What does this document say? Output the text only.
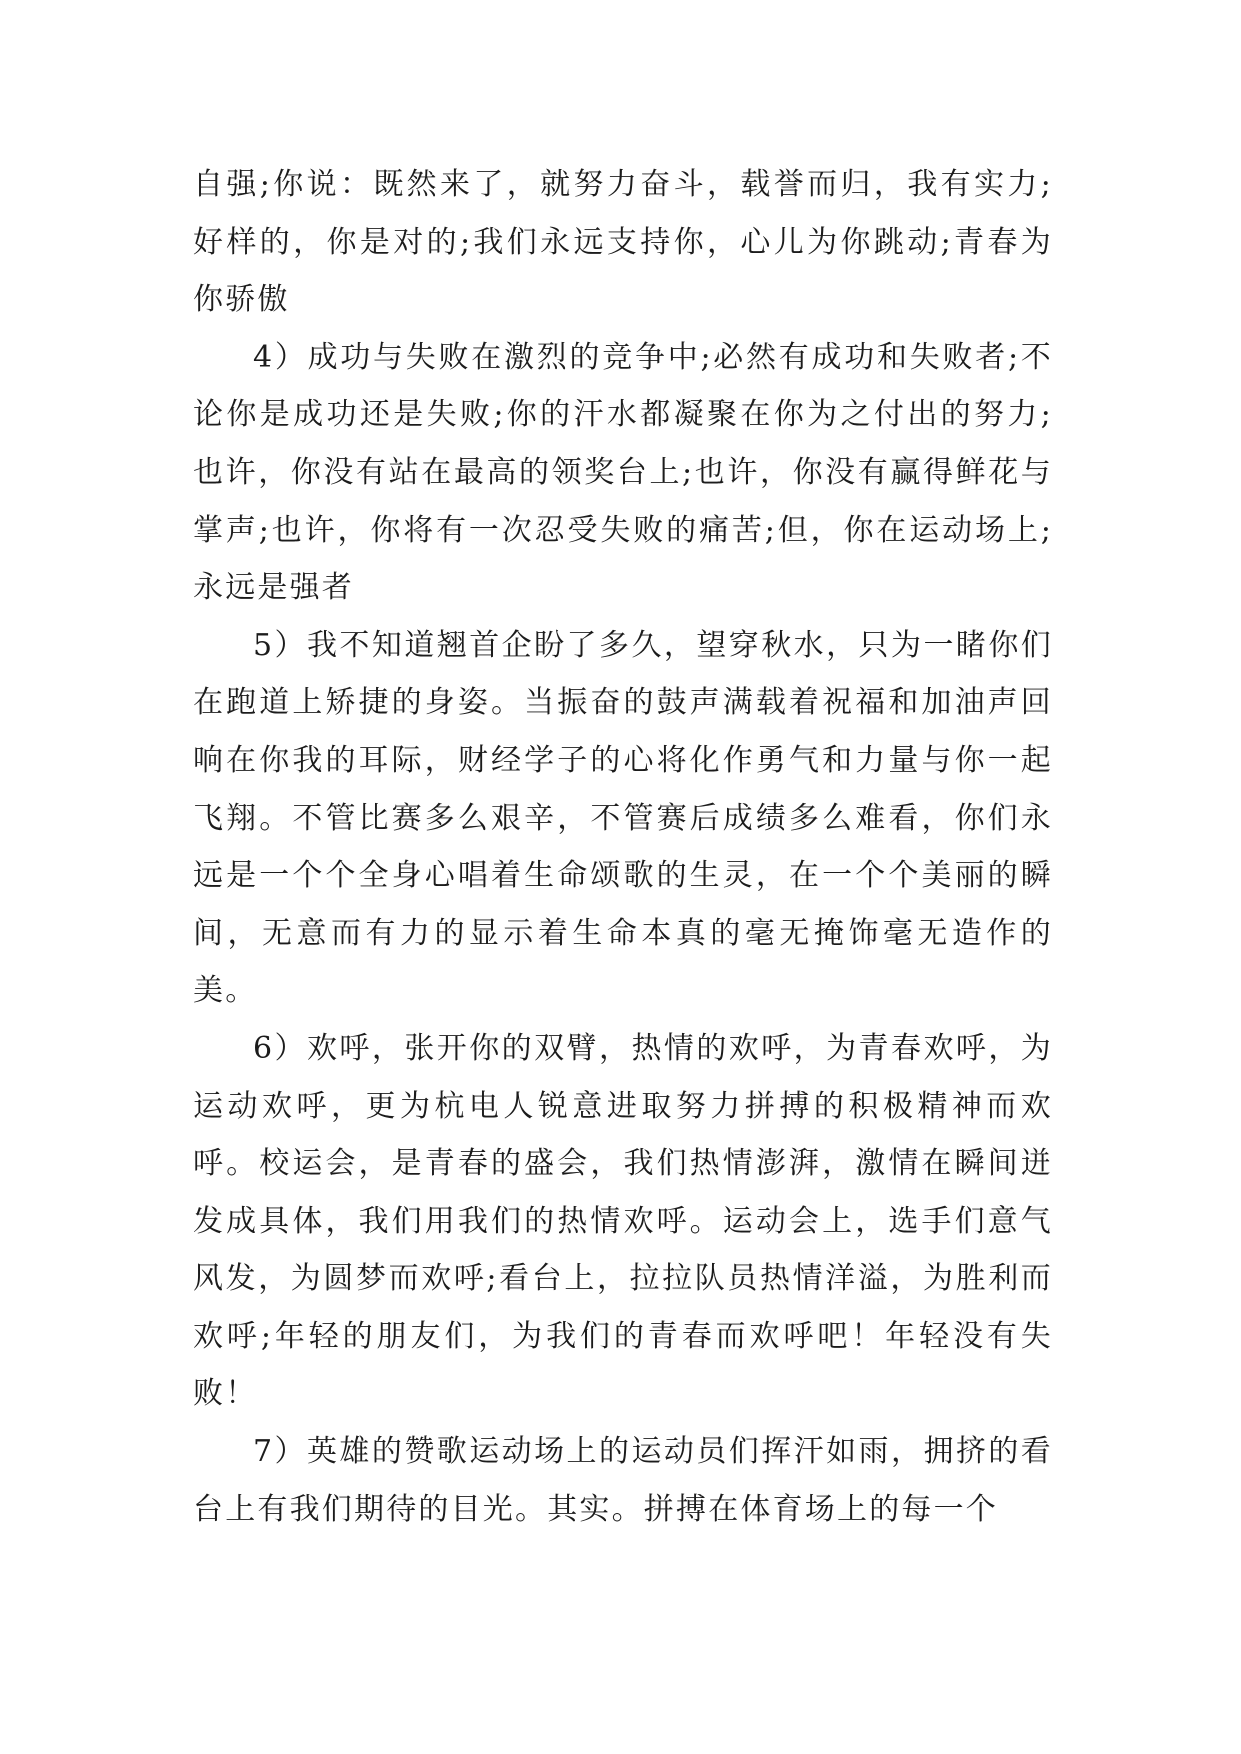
自强;你说：既然来了，就努力奋斗，载誉而归，我有实力;好样的，你是对的;我们永远支持你，心儿为你跳动;青春为你骄傲

4）成功与失败在激烈的竞争中;必然有成功和失败者;不论你是成功还是失败;你的汗水都凝聚在你为之付出的努力;也许，你没有站在最高的领奖台上;也许，你没有赢得鲜花与掌声;也许，你将有一次忍受失败的痛苦;但，你在运动场上;永远是强者

5）我不知道翘首企盼了多久，望穿秋水，只为一睹你们在跑道上矫捷的身姿。当振奋的鼓声满载着祝福和加油声回响在你我的耳际，财经学子的心将化作勇气和力量与你一起飞翔。不管比赛多么艰辛，不管赛后成绩多么难看，你们永远是一个个全身心唱着生命颂歌的生灵，在一个个美丽的瞬间，无意而有力的显示着生命本真的毫无掩饰毫无造作的美。

6）欢呼，张开你的双臂，热情的欢呼，为青春欢呼，为运动欢呼，更为杭电人锐意进取努力拼搏的积极精神而欢呼。校运会，是青春的盛会，我们热情澎湃，激情在瞬间迸发成具体，我们用我们的热情欢呼。运动会上，选手们意气风发，为圆梦而欢呼;看台上，拉拉队员热情洋溢，为胜利而欢呼;年轻的朋友们，为我们的青春而欢呼吧！年轻没有失败！

7）英雄的赞歌运动场上的运动员们挥汗如雨，拥挤的看台上有我们期待的目光。其实。拼搏在体育场上的每一个
